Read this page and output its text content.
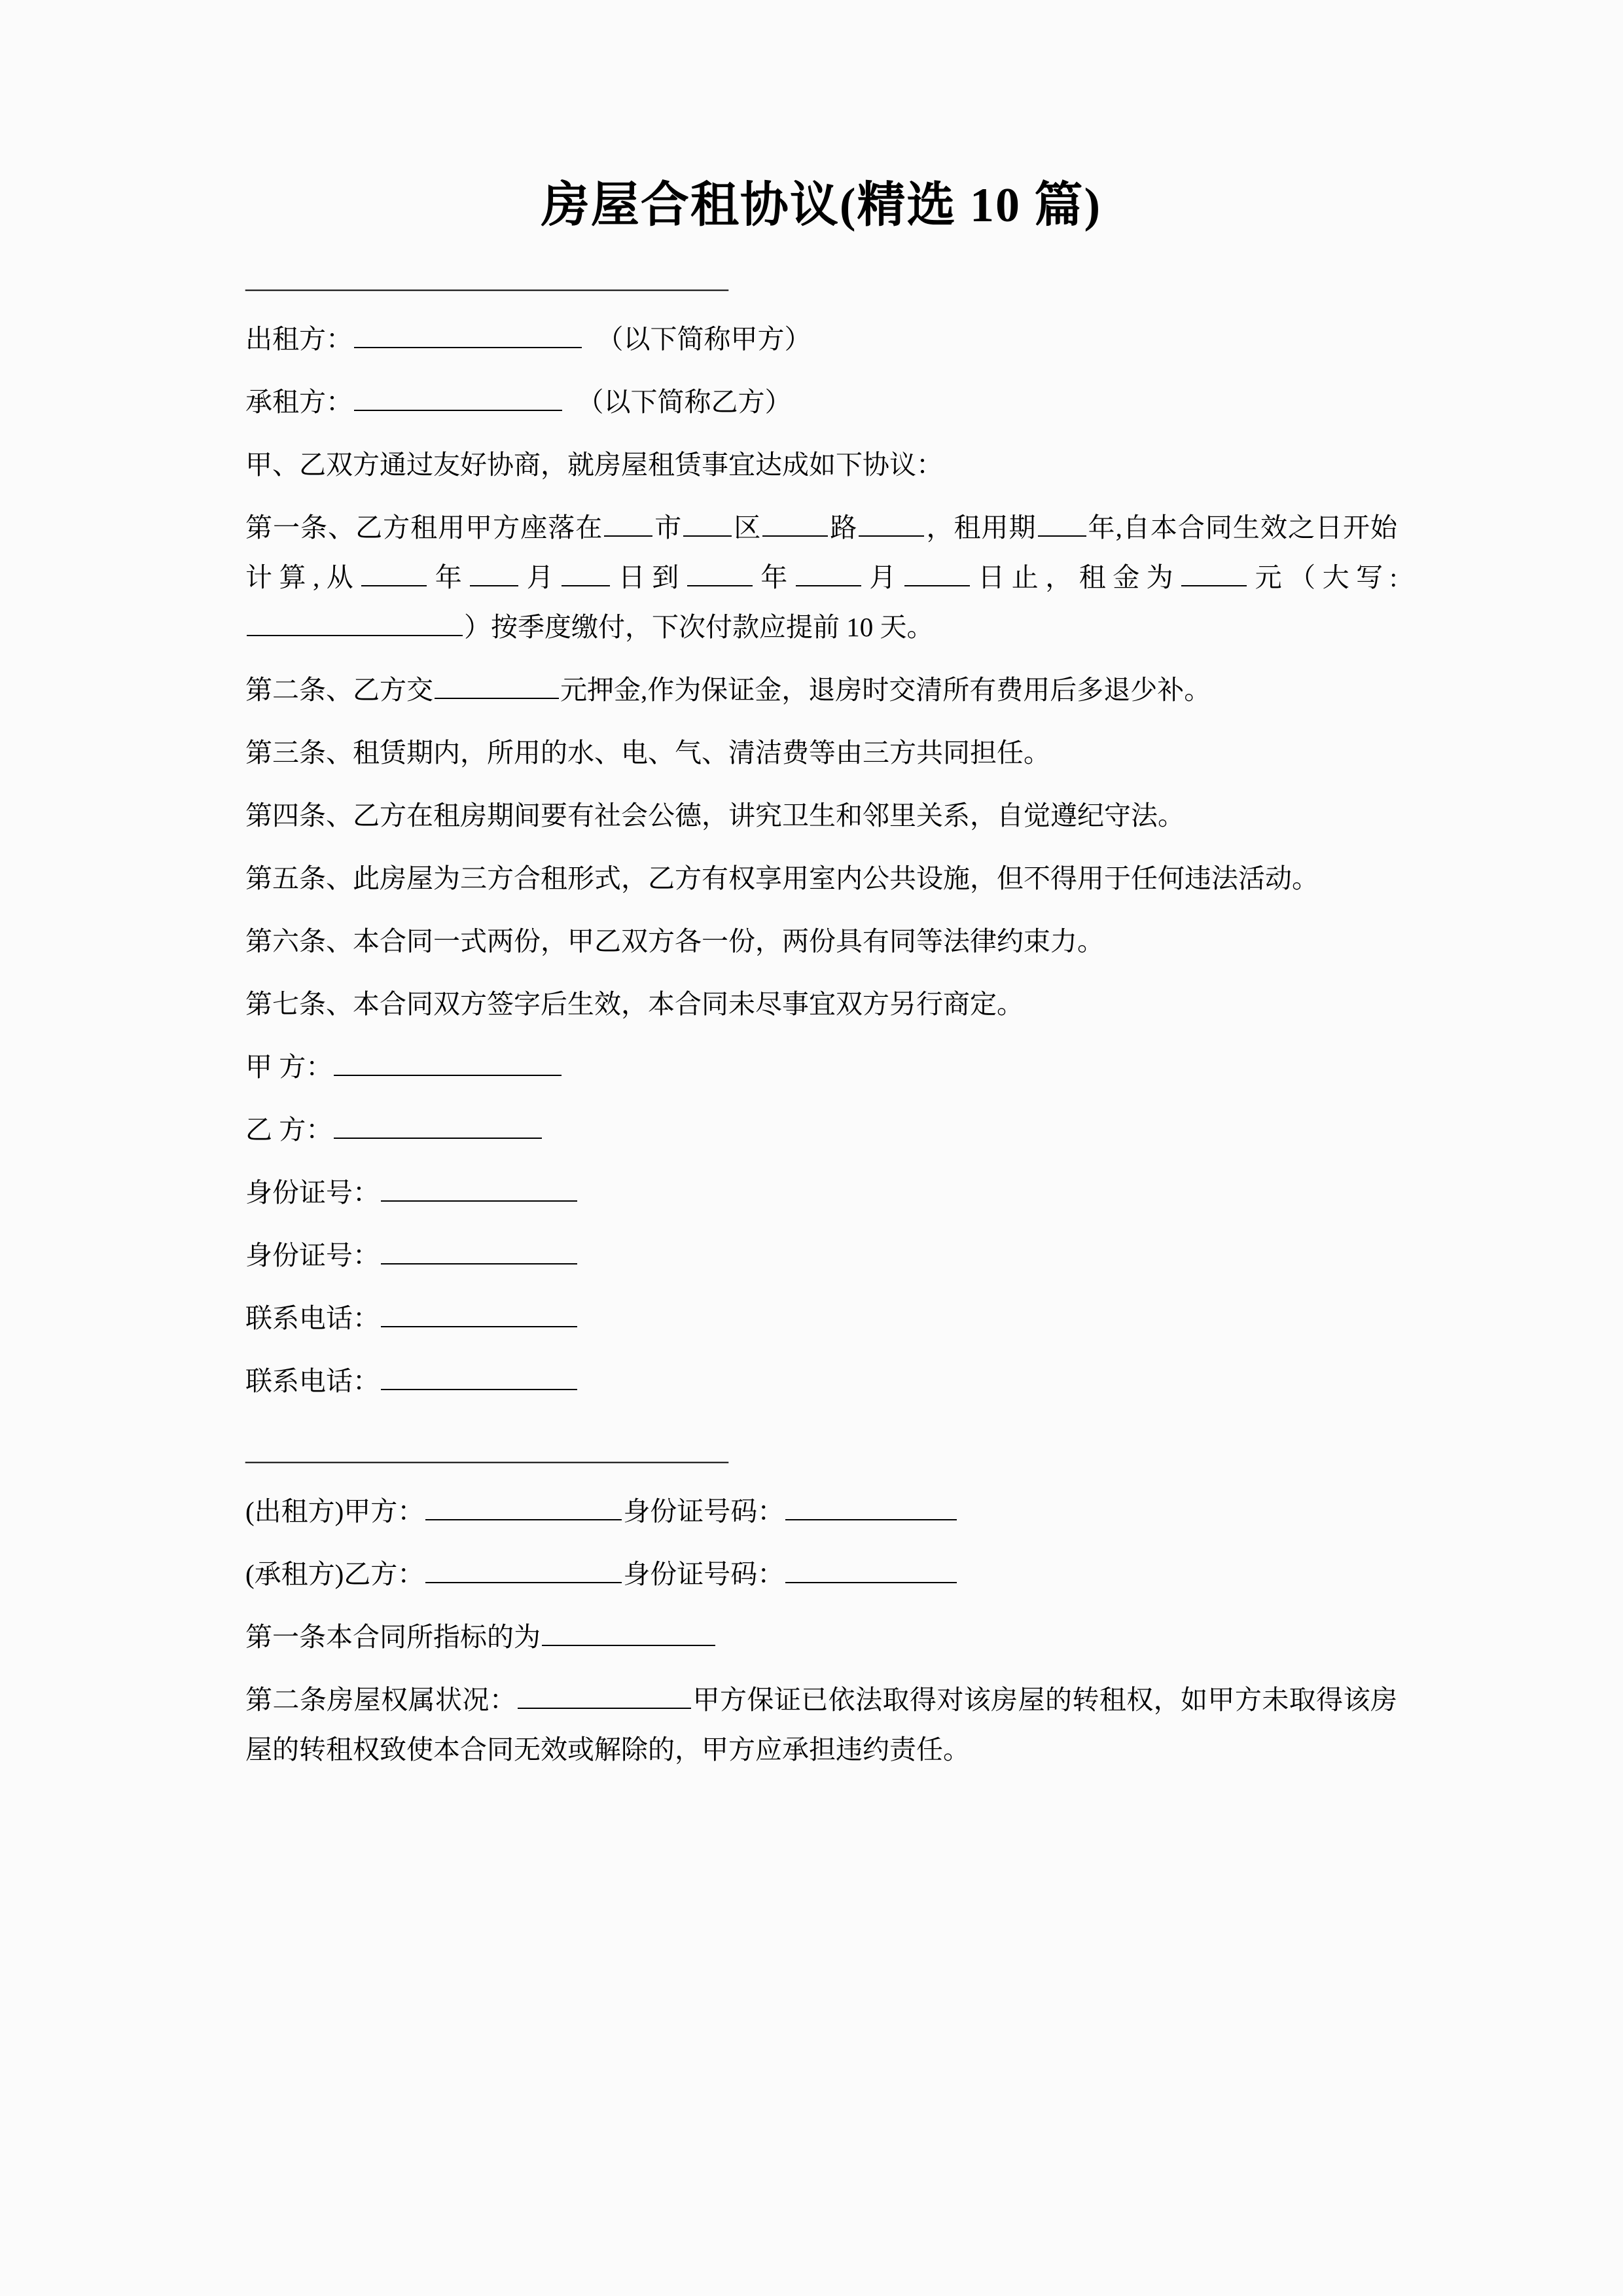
房屋合租协议(精选 10 篇)
——————————————————

出租方：	（以下简称甲方）

承租方：	（以下简称乙方）

甲、乙双方通过友好协商，就房屋租赁事宜达成如下协议：

第一条、乙方租用甲方座落在 市 区	路	，租用期 年,自本合同生效之日开始计算,从	年 月 日到	年	月	日止，租金为	元（大写:）按季度缴付，下次付款应提前 10 天。

第二条、乙方交	元押金,作为保证金，退房时交清所有费用后多退少补。

第三条、租赁期内，所用的水、电、气、清洁费等由三方共同担任。

第四条、乙方在租房期间要有社会公德，讲究卫生和邻里关系，自觉遵纪守法。

第五条、此房屋为三方合租形式，乙方有权享用室内公共设施，但不得用于任何违法活动。

第六条、本合同一式两份，甲乙双方各一份，两份具有同等法律约束力。

第七条、本合同双方签字后生效，本合同未尽事宜双方另行商定。

甲 方：

乙 方：

身份证号：

身份证号：

联系电话：

联系电话：

——————————————————

(出租方)甲方：	身份证号码：

(承租方)乙方：	身份证号码：

第一条本合同所指标的为

第二条房屋权属状况：	甲方保证已依法取得对该房屋的转租权，如甲方未取得该房屋的转租权致使本合同无效或解除的，甲方应承担违约责任。
